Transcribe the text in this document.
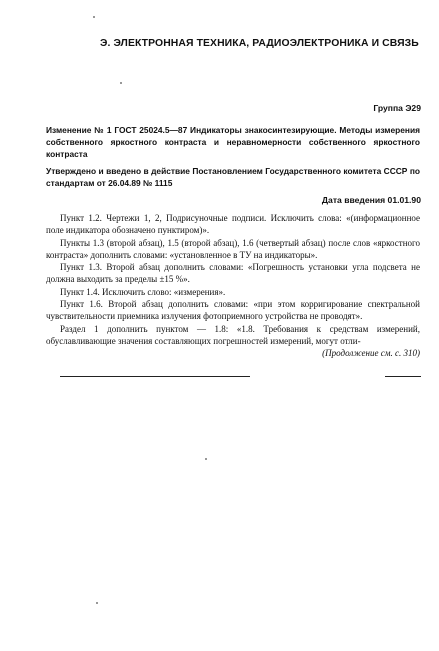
Э. ЭЛЕКТРОННАЯ ТЕХНИКА, РАДИОЭЛЕКТРОНИКА И СВЯЗЬ
Группа Э29
Изменение № 1 ГОСТ 25024.5—87 Индикаторы знакосинтезирующие. Методы измерения собственного яркостного контраста и неравномерности собственного яркостного контраста
Утверждено и введено в действие Постановлением Государственного комитета СССР по стандартам от 26.04.89 № 1115
Дата введения 01.01.90

Пункт 1.2. Чертежи 1, 2, Подрисуночные подписи. Исключить слова: «(информационное поле индикатора обозначено пунктиром)».

Пункты 1.3 (второй абзац), 1.5 (второй абзац), 1.6 (четвертый абзац) после слов «яркостного контраста» дополнить словами: «установленное в ТУ на индикаторы».

Пункт 1.3. Второй абзац дополнить словами: «Погрешность установки угла подсвета не должна выходить за пределы ±15 %».

Пункт 1.4. Исключить слово: «измерения».

Пункт 1.6. Второй абзац дополнить словами: «при этом корригирование спектральной чувствительности приемника излучения фотоприемного устройства не проводят».

Раздел 1 дополнить пунктом — 1.8: «1.8. Требования к средствам измерений, обуславливающие значения составляющих погрешностей измерений, могут отли-

(Продолжение см. с. 310)
